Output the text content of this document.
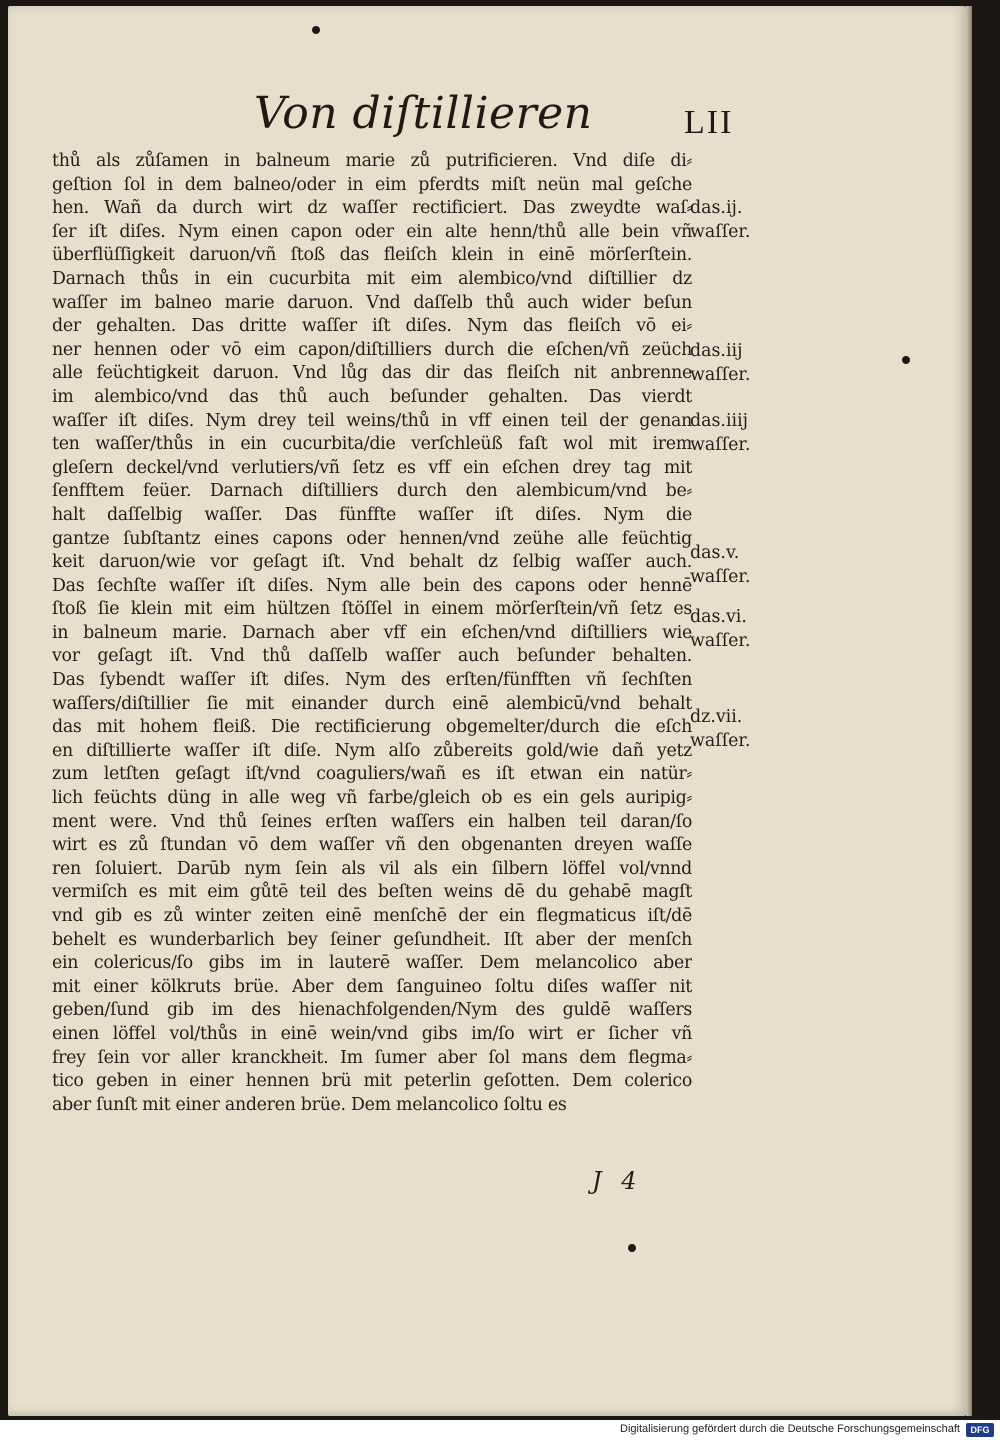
Von diſtillieren	LII
thů als zůſamen in balneum marie zů putrificieren. Vnd diſe di⸗
geſtion ſol in dem balneo/oder in eim pferdts miſt neün mal geſche
hen. Wañ da durch wirt dz waſſer rectificiert. Das zweydte waſ⸗
ſer iſt diſes. Nym einen capon oder ein alte henn/thů alle bein vñ
überflüſſigkeit daruon/vñ ſtoß das fleiſch klein in einē mörſerſtein.
Darnach thůs in ein cucurbita mit eim alembico/vnd diſtillier dz
waſſer im balneo marie daruon. Vnd daſſelb thů auch wider beſun
der gehalten. Das dritte waſſer iſt diſes. Nym das fleiſch vō ei⸗
ner hennen oder vō eim capon/diſtilliers durch die eſchen/vñ zeüch
alle feüchtigkeit daruon. Vnd lůg das dir das fleiſch nit anbrenne
im alembico/vnd das thů auch beſunder gehalten. Das vierdt
waſſer iſt diſes. Nym drey teil weins/thů in vff einen teil der genan
ten waſſer/thůs in ein cucurbita/die verſchleüß faſt wol mit irem
gleſern deckel/vnd verlutiers/vñ ſetz es vff ein eſchen drey tag mit
ſenfftem feüer. Darnach diſtilliers durch den alembicum/vnd be⸗
halt daſſelbig waſſer. Das fünffte waſſer iſt diſes. Nym die
gantze ſubſtantz eines capons oder hennen/vnd zeühe alle feüchtig
keit daruon/wie vor geſagt iſt. Vnd behalt dz ſelbig waſſer auch.
Das ſechſte waſſer iſt diſes. Nym alle bein des capons oder hennē
ſtoß ſie klein mit eim hültzen ſtöſſel in einem mörſerſtein/vñ ſetz es
in balneum marie. Darnach aber vff ein eſchen/vnd diſtilliers wie
vor geſagt iſt. Vnd thů daſſelb waſſer auch beſunder behalten.
Das ſybendt waſſer iſt diſes. Nym des erſten/fünfften vñ ſechſten
waſſers/diſtillier ſie mit einander durch einē alembicū/vnd behalt
das mit hohem fleiß. Die rectificierung obgemelter/durch die eſch
en diſtillierte waſſer iſt diſe. Nym alſo zůbereits gold/wie dañ yetz
zum letſten geſagt iſt/vnd coaguliers/wañ es iſt etwan ein natür⸗
lich feüchts düng in alle weg vñ farbe/gleich ob es ein gels auripig⸗
ment were. Vnd thů ſeines erſten waſſers ein halben teil daran/ſo
wirt es zů ſtundan vō dem waſſer vñ den obgenanten dreyen waſſe
ren ſoluiert. Darūb nym ſein als vil als ein ſilbern löffel vol/vnnd
vermiſch es mit eim gůtē teil des beſten weins dē du gehabē magſt
vnd gib es zů winter zeiten einē menſchē der ein flegmaticus iſt/dē
behelt es wunderbarlich bey ſeiner geſundheit. Iſt aber der menſch
ein colericus/ſo gibs im in lauterē waſſer. Dem melancolico aber
mit einer kölkruts brüe. Aber dem ſanguineo ſoltu diſes waſſer nit
geben/ſund gib im des hienachfolgenden/Nym des guldē waſſers
einen löffel vol/thůs in einē wein/vnd gibs im/ſo wirt er ſicher vñ
frey ſein vor aller kranckheit. Im ſumer aber ſol mans dem flegma⸗
tico geben in einer hennen brü mit peterlin geſotten. Dem colerico
aber ſunſt mit einer anderen brüe. Dem melancolico ſoltu es
das.ij.
waſſer.
das.iij
waſſer.
das.iiij
waſſer.
das.v.
waſſer.
das.vi.
waſſer.
dz.vii.
waſſer.
J 4
Digitalisierung gefördert durch die Deutsche Forschungsgemeinschaft	DFG
